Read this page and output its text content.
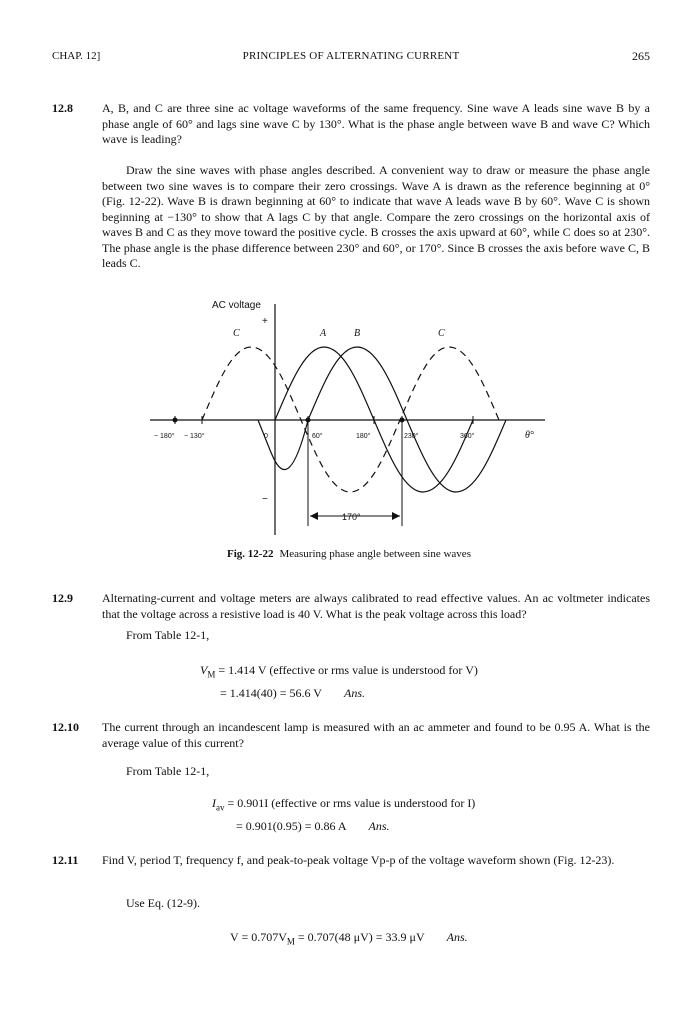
CHAP. 12]	PRINCIPLES OF ALTERNATING CURRENT	265
12.8 A, B, and C are three sine ac voltage waveforms of the same frequency. Sine wave A leads sine wave B by a phase angle of 60° and lags sine wave C by 130°. What is the phase angle between wave B and wave C? Which wave is leading?
Draw the sine waves with phase angles described. A convenient way to draw or measure the phase angle between two sine waves is to compare their zero crossings. Wave A is drawn as the reference beginning at 0° (Fig. 12-22). Wave B is drawn beginning at 60° to indicate that wave A leads wave B by 60°. Wave C is shown beginning at −130° to show that A lags C by that angle. Compare the zero crossings on the horizontal axis of waves B and C as they move toward the positive cycle. B crosses the axis upward at 60°, while C does so at 230°. The phase angle is the phase difference between 230° and 60°, or 170°. Since B crosses the axis before wave C, B leads C.
AC voltage
+
−
C	A	B	C
− 180° − 130°	0	60°	180°	230°	360°	θ°
170°
Fig. 12-22 Measuring phase angle between sine waves
12.9 Alternating-current and voltage meters are always calibrated to read effective values. An ac voltmeter indicates that the voltage across a resistive load is 40 V. What is the peak voltage across this load?
From Table 12-1,
$V_M = 1.414$ V (effective or rms value is understood for V)
= 1.414(40) = 56.6 V Ans.
12.10 The current through an incandescent lamp is measured with an ac ammeter and found to be 0.95 A. What is the average value of this current?
From Table 12-1,
$I_{av} = 0.901I$ (effective or rms value is understood for I)
= 0.901(0.95) = 0.86 A Ans.
12.11 Find V, period T, frequency f, and peak-to-peak voltage Vp-p of the voltage waveform shown (Fig. 12-23).
Use Eq. (12-9).
$V = 0.707V_M = 0.707(48$ μV) = 33.9 μV Ans.
